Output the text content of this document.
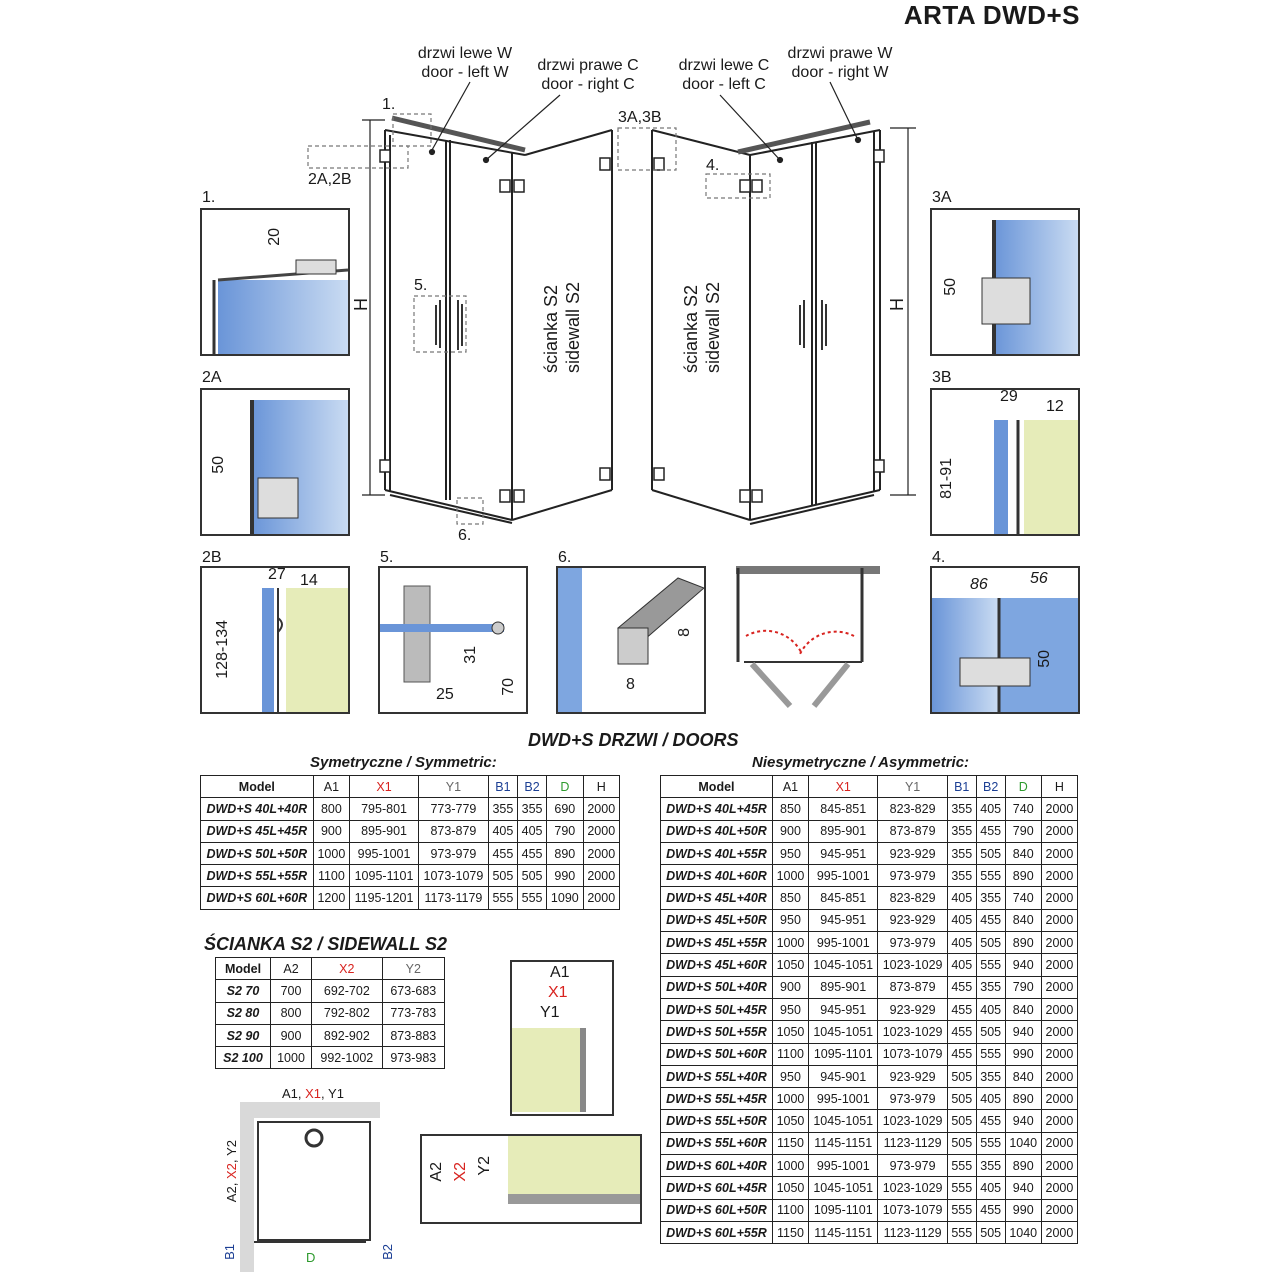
ARTA DWD+S
drzwi lewe W
door - left W	drzwi prawe C
door - right C
drzwi lewe C
door - left C
drzwi prawe W
door - right W
1.
2A,2B
3A,3B
4.
5.
6.
H	H
ścianka S2 sidewall S2	ścianka S2 sidewall S2
1.
20
2A
50
2B
27 14
128-134
5.
31
70
25
6.
8
8
3A
50
3B
29
12
81-91
4.
86	56
50
DWD+S DRZWI / DOORS
Symetryczne / Symmetric:
Model	A1	X1	Y1	B1	B2	D	H
DWD+S 40L+40R	800	795-801	773-779	355	355	690	2000
DWD+S 45L+45R	900	895-901	873-879	405	405	790	2000
DWD+S 50L+50R	1000	995-1001	973-979	455	455	890	2000
DWD+S 55L+55R	1100	1095-1101	1073-1079	505	505	990	2000
DWD+S 60L+60R	1200	1195-1201	1173-1179	555	555	1090	2000
Niesymetryczne / Asymmetric:
Model	A1	X1	Y1	B1	B2	D	H
DWD+S 40L+45R	850	845-851	823-829	355	405	740	2000
DWD+S 40L+50R	900	895-901	873-879	355	455	790	2000
DWD+S 40L+55R	950	945-951	923-929	355	505	840	2000
DWD+S 40L+60R	1000	995-1001	973-979	355	555	890	2000
DWD+S 45L+40R	850	845-851	823-829	405	355	740	2000
DWD+S 45L+50R	950	945-951	923-929	405	455	840	2000
DWD+S 45L+55R	1000	995-1001	973-979	405	505	890	2000
DWD+S 45L+60R	1050	1045-1051	1023-1029	405	555	940	2000
DWD+S 50L+40R	900	895-901	873-879	455	355	790	2000
DWD+S 50L+45R	950	945-951	923-929	455	405	840	2000
DWD+S 50L+55R	1050	1045-1051	1023-1029	455	505	940	2000
DWD+S 50L+60R	1100	1095-1101	1073-1079	455	555	990	2000
DWD+S 55L+40R	950	945-901	923-929	505	355	840	2000
DWD+S 55L+45R	1000	995-1001	973-979	505	405	890	2000
DWD+S 55L+50R	1050	1045-1051	1023-1029	505	455	940	2000
DWD+S 55L+60R	1150	1145-1151	1123-1129	505	555	1040	2000
DWD+S 60L+40R	1000	995-1001	973-979	555	355	890	2000
DWD+S 60L+45R	1050	1045-1051	1023-1029	555	405	940	2000
DWD+S 60L+50R	1100	1095-1101	1073-1079	555	455	990	2000
DWD+S 60L+55R	1150	1145-1151	1123-1129	555	505	1040	2000
ŚCIANKA S2 / SIDEWALL S2
Model	A2	X2	Y2
S2 70	700	692-702	673-683
S2 80	800	792-802	773-783
S2 90	900	892-902	873-883
S2 100	1000	992-1002	973-983
A1
X1
Y1
A1, X1, Y1
A2, X2, Y2
B1	B2
D
A2 X2 Y2
